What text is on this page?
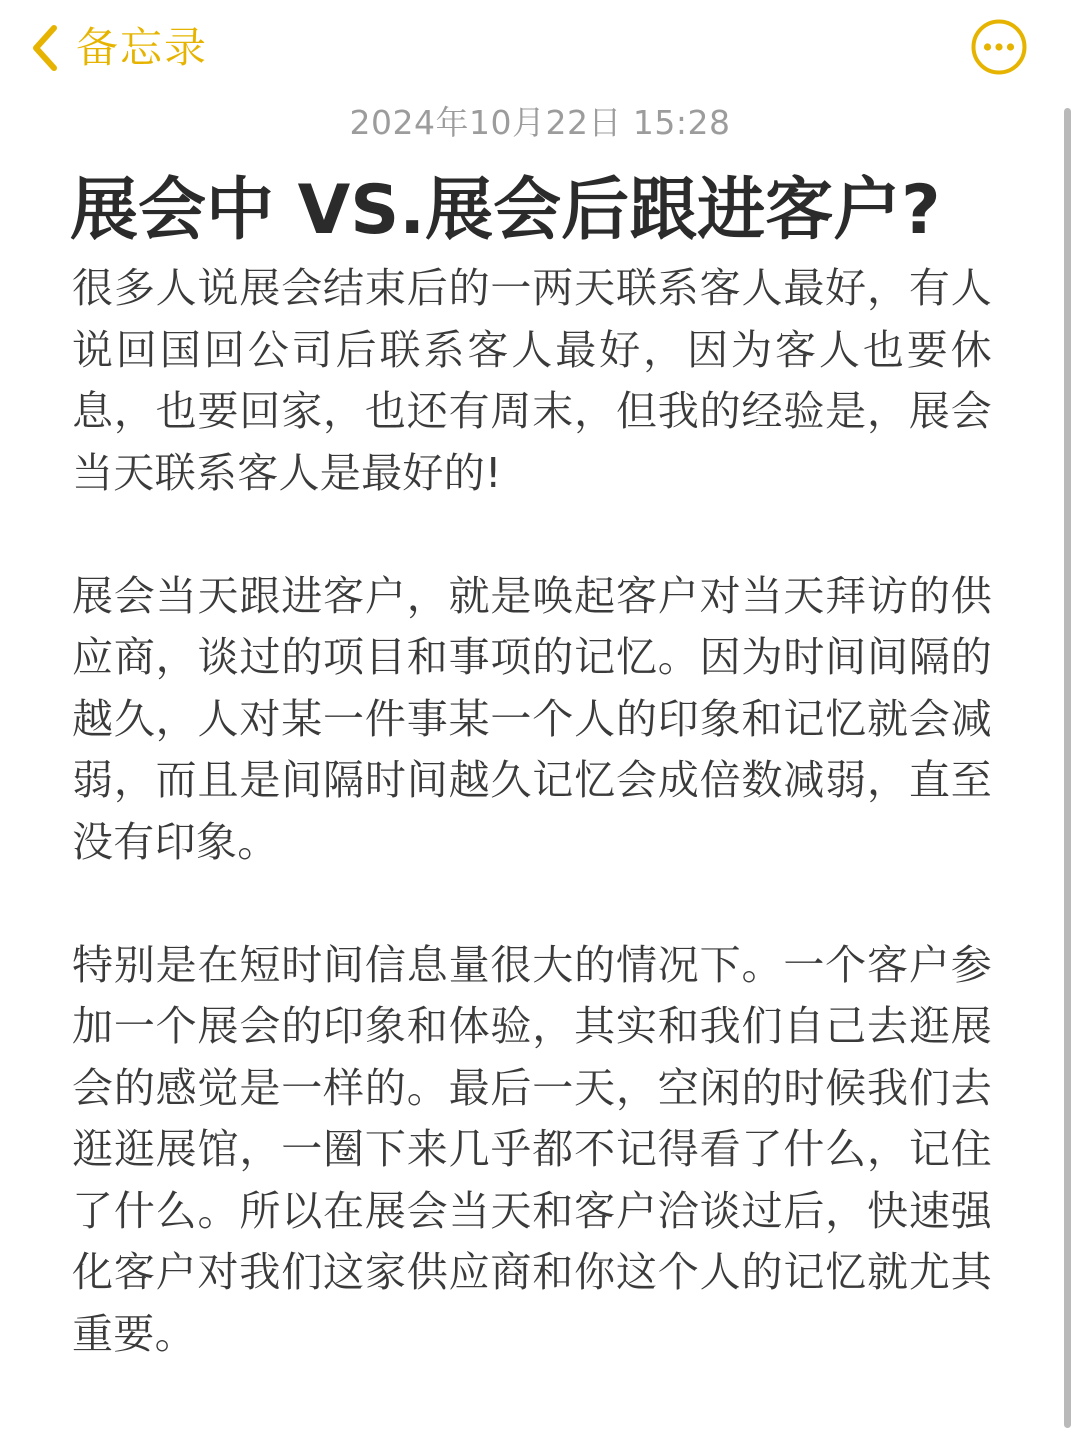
备忘录
2024年10月22日 15:28
展会中 VS.展会后跟进客户?

很多人说展会结束后的一两天联系客人最好，有人说回国回公司后联系客人最好，因为客人也要休息，也要回家，也还有周末，但我的经验是，展会当天联系客人是最好的!

展会当天跟进客户，就是唤起客户对当天拜访的供应商，谈过的项目和事项的记忆。因为时间间隔的越久，人对某一件事某一个人的印象和记忆就会减弱，而且是间隔时间越久记忆会成倍数减弱，直至没有印象。

特别是在短时间信息量很大的情况下。一个客户参加一个展会的印象和体验，其实和我们自己去逛展会的感觉是一样的。最后一天，空闲的时候我们去逛逛展馆，一圈下来几乎都不记得看了什么，记住了什么。所以在展会当天和客户洽谈过后，快速强化客户对我们这家供应商和你这个人的记忆就尤其重要。
